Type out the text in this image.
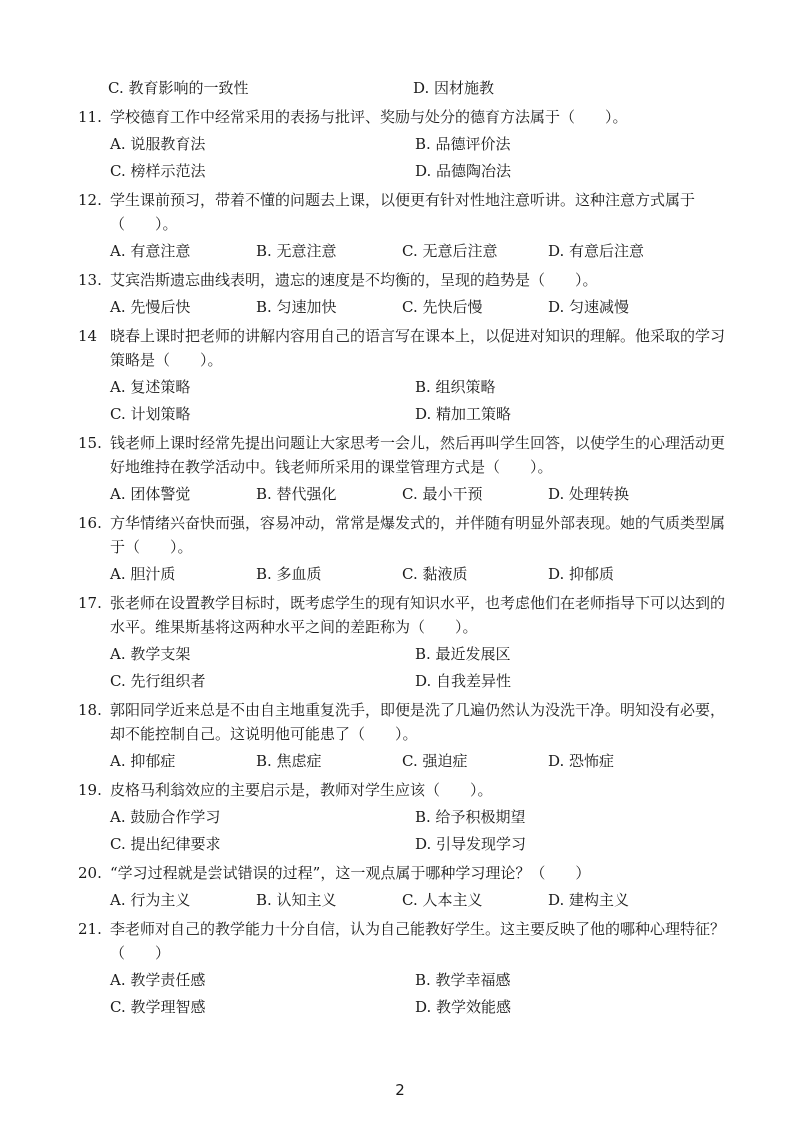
C. 教育影响的一致性	D. 因材施教
11. 学校德育工作中经常采用的表扬与批评、奖励与处分的德育方法属于（　　）。
A. 说服教育法	B. 品德评价法
C. 榜样示范法	D. 品德陶冶法
12. 学生课前预习，带着不懂的问题去上课，以便更有针对性地注意听讲。这种注意方式属于（　　）。
A. 有意注意	B. 无意注意	C. 无意后注意	D. 有意后注意
13. 艾宾浩斯遗忘曲线表明，遗忘的速度是不均衡的，呈现的趋势是（　　）。
A. 先慢后快	B. 匀速加快	C. 先快后慢	D. 匀速减慢
14 晓春上课时把老师的讲解内容用自己的语言写在课本上，以促进对知识的理解。他采取的学习策略是（　　）。
A. 复述策略	B. 组织策略
C. 计划策略	D. 精加工策略
15. 钱老师上课时经常先提出问题让大家思考一会儿，然后再叫学生回答，以使学生的心理活动更好地维持在教学活动中。钱老师所采用的课堂管理方式是（　　）。
A. 团体警觉	B. 替代强化	C. 最小干预	D. 处理转换
16. 方华情绪兴奋快而强，容易冲动，常常是爆发式的，并伴随有明显外部表现。她的气质类型属于（　　）。
A. 胆汁质	B. 多血质	C. 黏液质	D. 抑郁质
17. 张老师在设置教学目标时，既考虑学生的现有知识水平，也考虑他们在老师指导下可以达到的水平。维果斯基将这两种水平之间的差距称为（　　）。
A. 教学支架	B. 最近发展区
C. 先行组织者	D. 自我差异性
18. 郭阳同学近来总是不由自主地重复洗手，即便是洗了几遍仍然认为没洗干净。明知没有必要，却不能控制自己。这说明他可能患了（　　）。
A. 抑郁症	B. 焦虑症	C. 强迫症	D. 恐怖症
19. 皮格马利翁效应的主要启示是，教师对学生应该（　　）。
A. 鼓励合作学习	B. 给予积极期望
C. 提出纪律要求	D. 引导发现学习
20. “学习过程就是尝试错误的过程”，这一观点属于哪种学习理论？（　　）
A. 行为主义	B. 认知主义	C. 人本主义	D. 建构主义
21. 李老师对自己的教学能力十分自信，认为自己能教好学生。这主要反映了他的哪种心理特征？（　　）
A. 教学责任感	B. 教学幸福感
C. 教学理智感	D. 教学效能感
2
